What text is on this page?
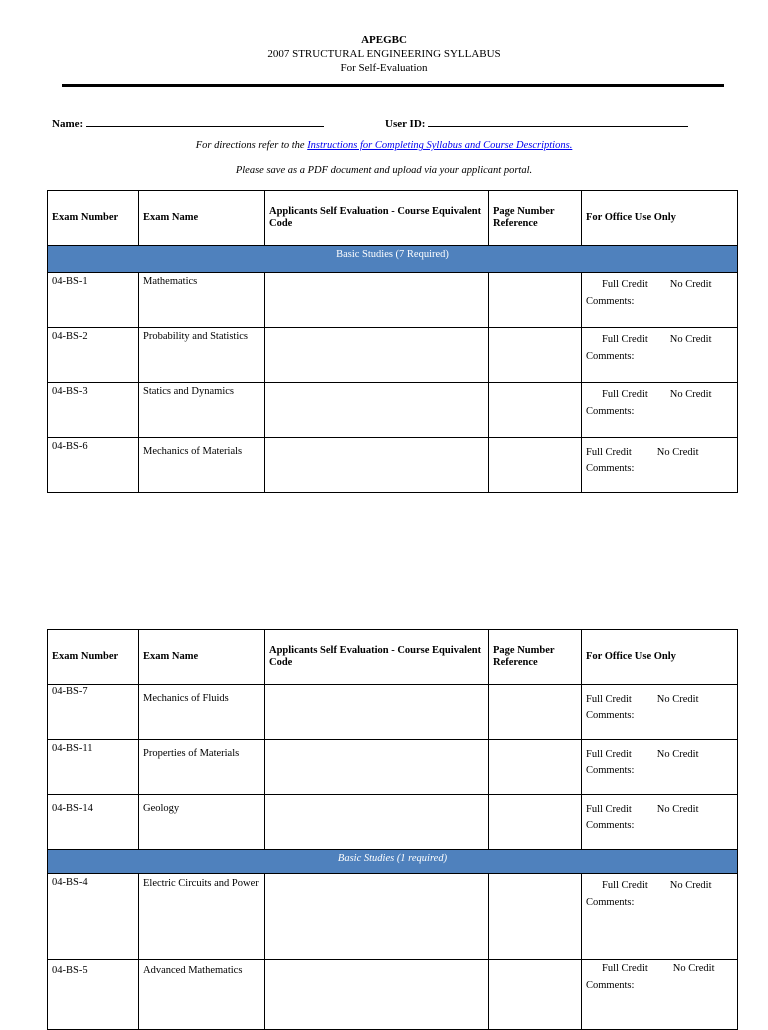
APEGBC
2007 STRUCTURAL ENGINEERING SYLLABUS
For Self-Evaluation
Name:	User ID:
For directions refer to the Instructions for Completing Syllabus and Course Descriptions.
Please save as a PDF document and upload via your applicant portal.
Exam Number	Exam Name	Applicants Self Evaluation - Course Equivalent Code	Page Number Reference	For Office Use Only
Basic Studies (7 Required)				
04-BS-1	Mathematics			Full Credit No Credit
Comments:
04-BS-2	Probability and Statistics			Full Credit No Credit
Comments:
04-BS-3	Statics and Dynamics			Full Credit No Credit
Comments:
04-BS-6	Mechanics of Materials			Full Credit No Credit
Comments:
Exam Number	Exam Name	Applicants Self Evaluation - Course Equivalent Code	Page Number Reference	For Office Use Only
04-BS-7	Mechanics of Fluids			Full Credit No Credit
Comments:
04-BS-11	Properties of Materials			Full Credit No Credit
Comments:
04-BS-14	Geology			Full Credit No Credit
Comments:
Basic Studies (1 required)				
04-BS-4	Electric Circuits and Power			Full Credit No Credit
Comments:
04-BS-5	Advanced Mathematics			Full Credit No Credit
Comments:
